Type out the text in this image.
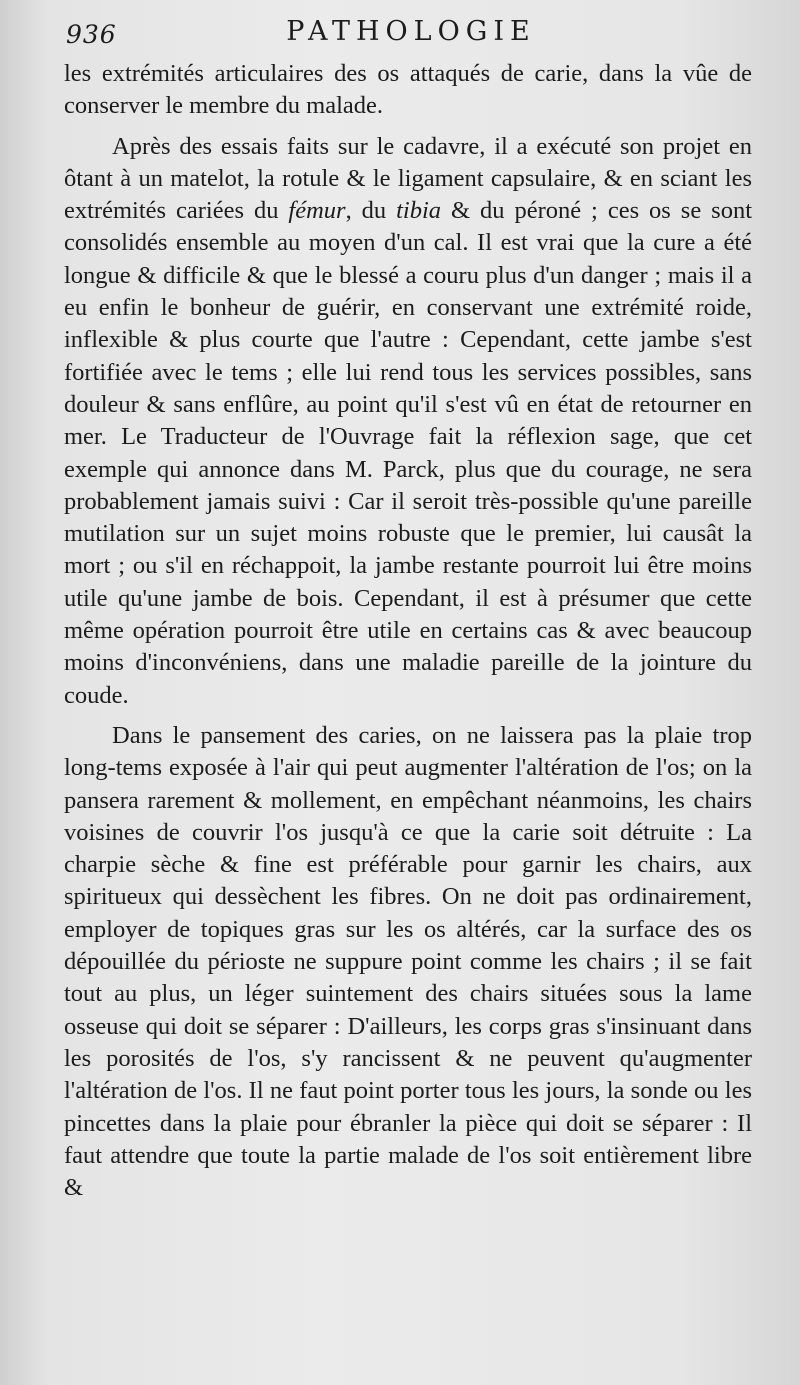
936	PATHOLOGIE

les extrémités articulaires des os attaqués de carie, dans la vûe de conserver le membre du malade.

Après des essais faits sur le cadavre, il a exécuté son projet en ôtant à un matelot, la rotule & le ligament capsulaire, & en sciant les extrémités cariées du fémur, du tibia & du péroné ; ces os se sont consolidés ensemble au moyen d'un cal. Il est vrai que la cure a été longue & difficile & que le blessé a couru plus d'un danger ; mais il a eu enfin le bonheur de guérir, en conservant une extrémité roide, inflexible & plus courte que l'autre : Cependant, cette jambe s'est fortifiée avec le tems ; elle lui rend tous les services possibles, sans douleur & sans enflûre, au point qu'il s'est vû en état de retourner en mer. Le Traducteur de l'Ouvrage fait la réflexion sage, que cet exemple qui annonce dans M. Parck, plus que du courage, ne sera probablement jamais suivi : Car il seroit très-possible qu'une pareille mutilation sur un sujet moins robuste que le premier, lui causât la mort ; ou s'il en réchappoit, la jambe restante pourroit lui être moins utile qu'une jambe de bois. Cependant, il est à présumer que cette même opération pourroit être utile en certains cas & avec beaucoup moins d'inconvéniens, dans une maladie pareille de la jointure du coude.

Dans le pansement des caries, on ne laissera pas la plaie trop long-tems exposée à l'air qui peut augmenter l'altération de l'os; on la pansera rarement & mollement, en empêchant néanmoins, les chairs voisines de couvrir l'os jusqu'à ce que la carie soit détruite : La charpie sèche & fine est préférable pour garnir les chairs, aux spiritueux qui dessèchent les fibres. On ne doit pas ordinairement, employer de topiques gras sur les os altérés, car la surface des os dépouillée du périoste ne suppure point comme les chairs ; il se fait tout au plus, un léger suintement des chairs situées sous la lame osseuse qui doit se séparer : D'ailleurs, les corps gras s'insinuant dans les porosités de l'os, s'y rancissent & ne peuvent qu'augmenter l'altération de l'os. Il ne faut point porter tous les jours, la sonde ou les pincettes dans la plaie pour ébranler la pièce qui doit se séparer : Il faut attendre que toute la partie malade de l'os soit entièrement libre &
